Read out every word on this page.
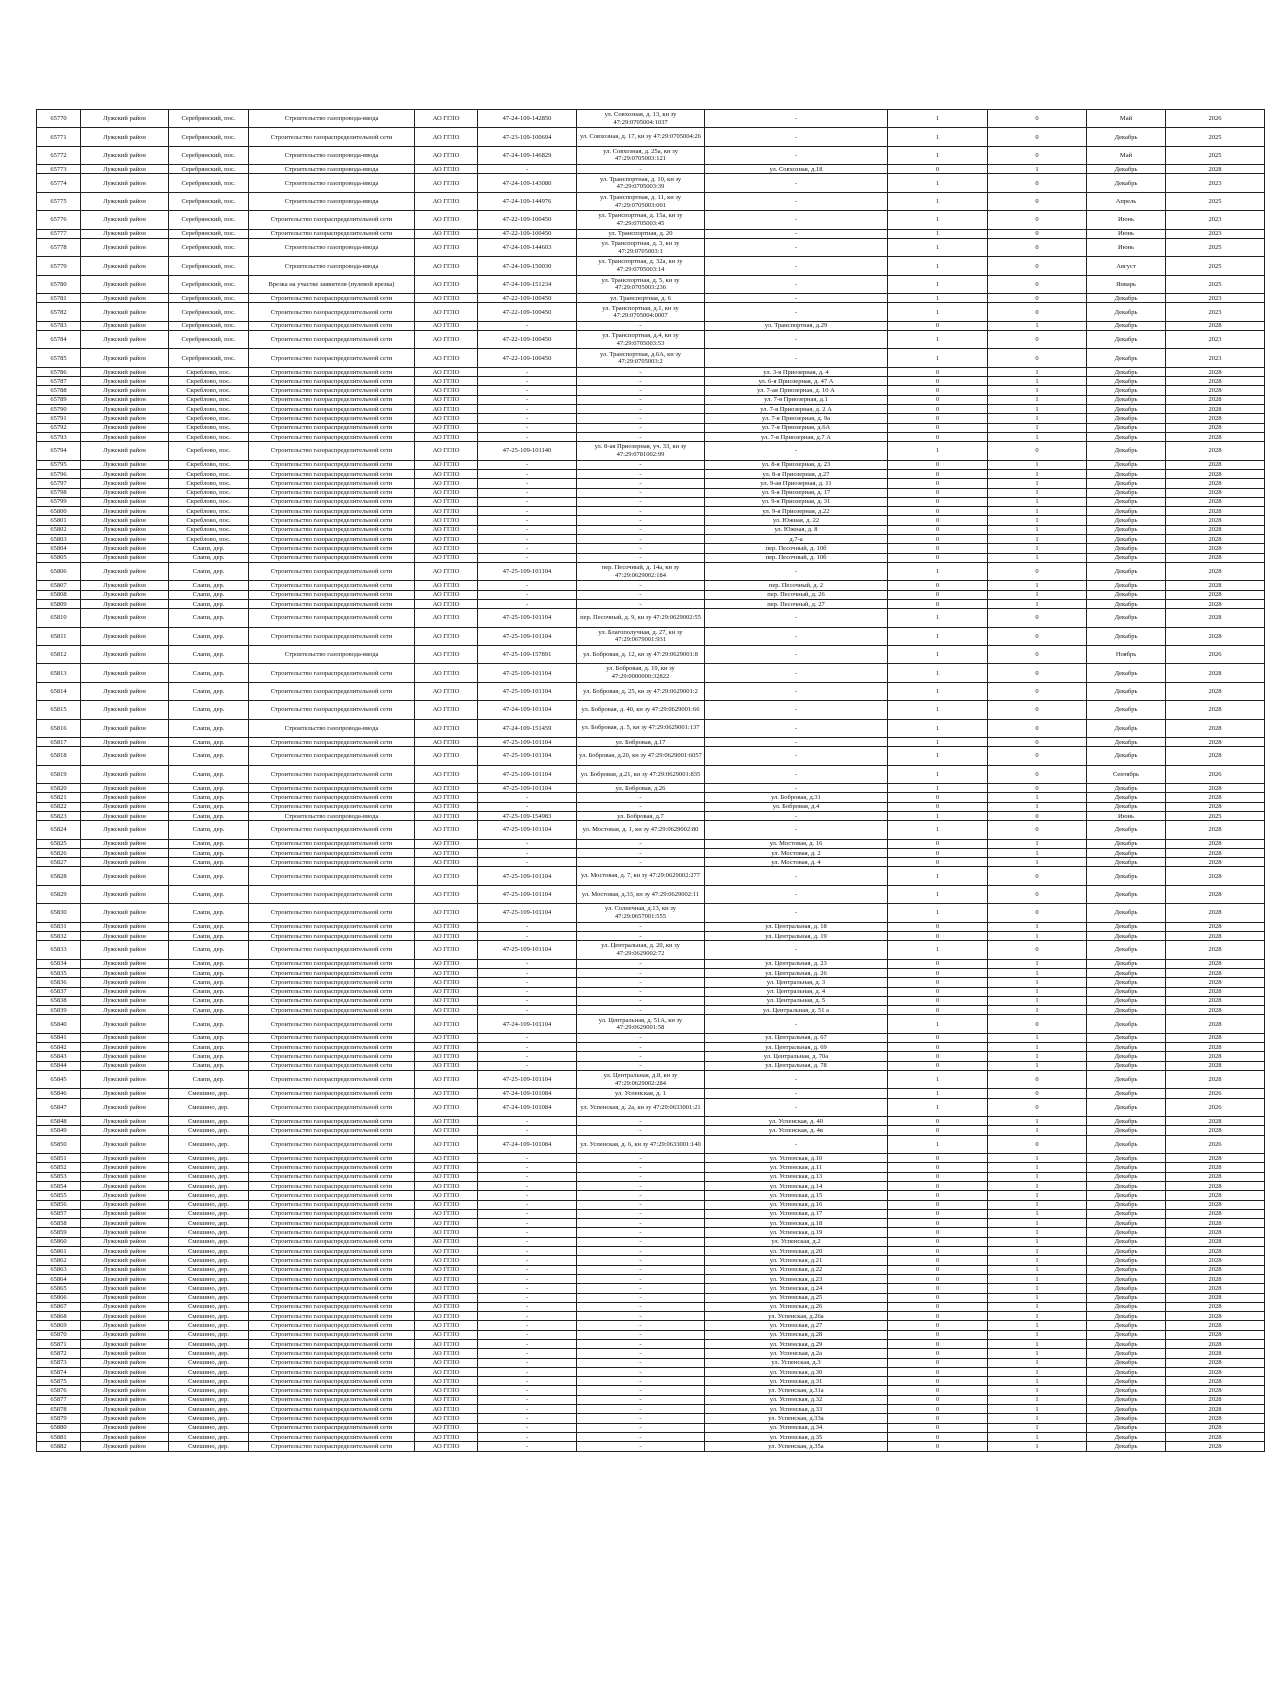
65770	Лужский район	Серебрянский, пос.	Строительство газопровода-ввода	АО ГГЛО	47-24-109-142850	ул. Совхозная, д. 13, кн зу 47:29:0705004:1037	-	1	0	Май	2026
65771	Лужский район	Серебрянский, пос.	Строительство газораспределительной сети	АО ГГЛО	47-23-109-100694	ул. Совхозная, д. 17, кн зу 47:29:0705004:26	-	1	0	Декабрь	2025
65772	Лужский район	Серебрянский, пос.	Строительство газопровода-ввода	АО ГГЛО	47-24-109-146829	ул. Совхозная, д. 25а, кн зу 47:29:0705003:121	-	1	0	Май	2025
65773	Лужский район	Серебрянский, пос.	Строительство газопровода-ввода	АО ГГЛО	-	-	ул. Совхозная, д.18	0	1	Декабрь	2028
65774	Лужский район	Серебрянский, пос.	Строительство газопровода-ввода	АО ГГЛО	47-24-109-143080	ул. Транспортная, д. 10, кн зу 47:29:0705003:39	-	1	0	Декабрь	2023
65775	Лужский район	Серебрянский, пос.	Строительство газопровода-ввода	АО ГГЛО	47-24-109-144976	ул. Транспортная, д. 11, кн зу 47:29:0705003:001	-	1	0	Апрель	2025
65776	Лужский район	Серебрянский, пос.	Строительство газораспределительной сети	АО ГГЛО	47-22-109-100450	ул. Транспортная, д. 15а, кн зу 47:29:0705003:45	-	1	0	Июнь	2023
65777	Лужский район	Серебрянский, пос.	Строительство газораспределительной сети	АО ГГЛО	47-22-109-100450	ул. Транспортная, д. 20	-	1	0	Июнь	2023
65778	Лужский район	Серебрянский, пос.	Строительство газопровода-ввода	АО ГГЛО	47-24-109-144603	ул. Транспортная, д. 3, кн зу 47:29:0705003:1	-	1	0	Июнь	2025
65779	Лужский район	Серебрянский, пос.	Строительство газопровода-ввода	АО ГГЛО	47-24-109-150030	ул. Транспортная, д. 32а, кн зу 47:29:0705003:14	-	1	0	Август	2025
65780	Лужский район	Серебрянский, пос.	Врезка на участке заявителя (нулевой врезка)	АО ГГЛО	47-24-109-151234	ул. Транспортная, д. 5, кн зу 47:29:0705003:236	-	1	0	Январь	2025
65781	Лужский район	Серебрянский, пос.	Строительство газораспределительной сети	АО ГГЛО	47-22-109-100450	ул. Транспортная, д. 6	-	1	0	Декабрь	2023
65782	Лужский район	Серебрянский, пос.	Строительство газораспределительной сети	АО ГГЛО	47-22-109-100450	ул. Транспортная, д.1, кн зу 47:29:0705004:0007	-	1	0	Декабрь	2023
65783	Лужский район	Серебрянский, пос.	Строительство газораспределительной сети	АО ГГЛО	-	-	ул. Транспортная, д.29	0	1	Декабрь	2028
65784	Лужский район	Серебрянский, пос.	Строительство газораспределительной сети	АО ГГЛО	47-22-109-100450	ул. Транспортная, д.4, кн зу 47:29:0705003:53	-	1	0	Декабрь	2023
65785	Лужский район	Серебрянский, пос.	Строительство газораспределительной сети	АО ГГЛО	47-22-109-100450	ул. Транспортная, д.6А, кн зу 47:29:0705003:2	-	1	0	Декабрь	2023
65786	Лужский район	Скреблово, пос.	Строительство газораспределительной сети	АО ГГЛО	-	-	ул. 3-я Приозерная, д. 4	0	1	Декабрь	2028
65787	Лужский район	Скреблово, пос.	Строительство газораспределительной сети	АО ГГЛО	-	-	ул. 6-я Приозерная, д. 47 А	0	1	Декабрь	2028
65788	Лужский район	Скреблово, пос.	Строительство газораспределительной сети	АО ГГЛО	-	-	ул. 7-ая Приозерная, д. 10 А	0	1	Декабрь	2028
65789	Лужский район	Скреблово, пос.	Строительство газораспределительной сети	АО ГГЛО	-	-	ул. 7-я Приозерная, д.1	0	1	Декабрь	2028
65790	Лужский район	Скреблово, пос.	Строительство газораспределительной сети	АО ГГЛО	-	-	ул. 7-я Приозерная, д. 2 А	0	1	Декабрь	2028
65791	Лужский район	Скреблово, пос.	Строительство газораспределительной сети	АО ГГЛО	-	-	ул. 7-я Приозерная, д. 9а	0	1	Декабрь	2028
65792	Лужский район	Скреблово, пос.	Строительство газораспределительной сети	АО ГГЛО	-	-	ул. 7-я Приозерная, д.6А	0	1	Декабрь	2028
65793	Лужский район	Скреблово, пос.	Строительство газораспределительной сети	АО ГГЛО	-	-	ул. 7-я Приозерная, д.7 А	0	1	Декабрь	2028
65794	Лужский район	Скреблово, пос.	Строительство газораспределительной сети	АО ГГЛО	47-25-109-101140	ул. 8-ая Приозерная, уч. 33, кн зу 47:29:0781002:99	-	1	0	Декабрь	2028
65795	Лужский район	Скреблово, пос.	Строительство газораспределительной сети	АО ГГЛО	-	-	ул. 8-я Приозерная, д. 23	0	1	Декабрь	2028
65796	Лужский район	Скреблово, пос.	Строительство газораспределительной сети	АО ГГЛО	-	-	ул. 8-я Приозерная, д.27	0	1	Декабрь	2028
65797	Лужский район	Скреблово, пос.	Строительство газораспределительной сети	АО ГГЛО	-	-	ул. 9-ая Приозерная, д. 11	0	1	Декабрь	2028
65798	Лужский район	Скреблово, пос.	Строительство газораспределительной сети	АО ГГЛО	-	-	ул. 9-я Приозерная, д. 17	0	1	Декабрь	2028
65799	Лужский район	Скреблово, пос.	Строительство газораспределительной сети	АО ГГЛО	-	-	ул. 9-я Приозерная, д. 31	0	1	Декабрь	2028
65800	Лужский район	Скреблово, пос.	Строительство газораспределительной сети	АО ГГЛО	-	-	ул. 9-я Приозерная, д.22	0	1	Декабрь	2028
65801	Лужский район	Скреблово, пос.	Строительство газораспределительной сети	АО ГГЛО	-	-	ул. Южная, д. 22	0	1	Декабрь	2028
65802	Лужский район	Скреблово, пос.	Строительство газораспределительной сети	АО ГГЛО	-	-	ул. Южная, д. 8	0	1	Декабрь	2028
65803	Лужский район	Скреблово, пос.	Строительство газораспределительной сети	АО ГГЛО	-	-	д.7-а	0	1	Декабрь	2028
65804	Лужский район	Слапи, дер.	Строительство газораспределительной сети	АО ГГЛО	-	-	пер. Песочный, д. 10б	0	1	Декабрь	2028
65805	Лужский район	Слапи, дер.	Строительство газораспределительной сети	АО ГГЛО	-	-	пер. Песочный, д. 10б	0	1	Декабрь	2028
65806	Лужский район	Слапи, дер.	Строительство газораспределительной сети	АО ГГЛО	47-25-109-101104	пер. Песочный, д. 14а, кн зу 47:29:0629002:184	-	1	0	Декабрь	2028
65807	Лужский район	Слапи, дер.	Строительство газораспределительной сети	АО ГГЛО	-	-	пер. Песочный, д. 2	0	1	Декабрь	2028
65808	Лужский район	Слапи, дер.	Строительство газораспределительной сети	АО ГГЛО	-	-	пер. Песочный, д. 26	0	1	Декабрь	2028
65809	Лужский район	Слапи, дер.	Строительство газораспределительной сети	АО ГГЛО	-	-	пер. Песочный, д. 27	0	1	Декабрь	2028
65810	Лужский район	Слапи, дер.	Строительство газораспределительной сети	АО ГГЛО	47-25-109-101104	пер. Песочный, д. 9, кн зу 47:29:0629002:55	-	1	0	Декабрь	2028
65811	Лужский район	Слапи, дер.	Строительство газораспределительной сети	АО ГГЛО	47-25-109-101104	ул. Благополучная, д. 27, кн зу 47:29:0679001:931	-	1	0	Декабрь	2028
65812	Лужский район	Слапи, дер.	Строительство газопровода-ввода	АО ГГЛО	47-25-109-157891	ул. Бобровая, д. 12, кн зу 47:29:0629001:8	-	1	0	Ноябрь	2026
65813	Лужский район	Слапи, дер.	Строительство газораспределительной сети	АО ГГЛО	47-25-109-101104	ул. Бобровая, д. 19, кн зу 47:29:0000000:32822	-	1	0	Декабрь	2028
65814	Лужский район	Слапи, дер.	Строительство газораспределительной сети	АО ГГЛО	47-25-109-101104	ул. Бобровая, д. 25, кн зу 47:29:0629001:2	-	1	0	Декабрь	2028
65815	Лужский район	Слапи, дер.	Строительство газораспределительной сети	АО ГГЛО	47-24-109-101104	ул. Бобровая, д. 40, кн зу 47:29:0629001:66	-	1	0	Декабрь	2028
65816	Лужский район	Слапи, дер.	Строительство газопровода-ввода	АО ГГЛО	47-24-109-151459	ул. Бобровая, д. 5, кн зу 47:29:0629001:137	-	1	0	Декабрь	2028
65817	Лужский район	Слапи, дер.	Строительство газораспределительной сети	АО ГГЛО	47-25-109-101104	ул. Бобровая, д.17	-	1	0	Декабрь	2028
65818	Лужский район	Слапи, дер.	Строительство газораспределительной сети	АО ГГЛО	47-25-109-101104	ул. Бобровая, д.20, кн зу 47:29:0629001:6057	-	1	0	Декабрь	2028
65819	Лужский район	Слапи, дер.	Строительство газораспределительной сети	АО ГГЛО	47-25-109-101104	ул. Бобровая, д.21, кн зу 47:29:0629001:835	-	1	0	Сентябрь	2026
65820	Лужский район	Слапи, дер.	Строительство газораспределительной сети	АО ГГЛО	47-25-109-101104	ул. Бобровая, д.26	-	1	0	Декабрь	2028
65821	Лужский район	Слапи, дер.	Строительство газораспределительной сети	АО ГГЛО	-	-	ул. Бобровая, д.31	0	1	Декабрь	2028
65822	Лужский район	Слапи, дер.	Строительство газораспределительной сети	АО ГГЛО	-	-	ул. Бобровая, д.4	0	1	Декабрь	2028
65823	Лужский район	Слапи, дер.	Строительство газопровода-ввода	АО ГГЛО	47-25-109-154983	ул. Бобровая, д.7	-	1	0	Июнь	2025
65824	Лужский район	Слапи, дер.	Строительство газораспределительной сети	АО ГГЛО	47-25-109-101104	ул. Мостовая, д. 1, кн зу 47:29:0629002:80	-	1	0	Декабрь	2028
65825	Лужский район	Слапи, дер.	Строительство газораспределительной сети	АО ГГЛО	-	-	ул. Мостовая, д. 16	0	1	Декабрь	2028
65826	Лужский район	Слапи, дер.	Строительство газораспределительной сети	АО ГГЛО	-	-	ул. Мостовая, д. 2	0	1	Декабрь	2028
65827	Лужский район	Слапи, дер.	Строительство газораспределительной сети	АО ГГЛО	-	-	ул. Мостовая, д. 4	0	1	Декабрь	2028
65828	Лужский район	Слапи, дер.	Строительство газораспределительной сети	АО ГГЛО	47-25-109-101104	ул. Мостовая, д. 7, кн зу 47:29:0629002:277	-	1	0	Декабрь	2028
65829	Лужский район	Слапи, дер.	Строительство газораспределительной сети	АО ГГЛО	47-25-109-101104	ул. Мостовая, д.33, кн зу 47:29:0629002:11	-	1	0	Декабрь	2028
65830	Лужский район	Слапи, дер.	Строительство газораспределительной сети	АО ГГЛО	47-25-109-101104	ул. Солнечная, д.13, кн зу 47:29:0657001:555	-	1	0	Декабрь	2028
65831	Лужский район	Слапи, дер.	Строительство газораспределительной сети	АО ГГЛО	-	-	ул. Центральная, д. 18	0	1	Декабрь	2028
65832	Лужский район	Слапи, дер.	Строительство газораспределительной сети	АО ГГЛО	-	-	ул. Центральная, д. 19	0	1	Декабрь	2028
65833	Лужский район	Слапи, дер.	Строительство газораспределительной сети	АО ГГЛО	47-25-109-101104	ул. Центральная, д. 20, кн зу 47:29:0629002:72	-	1	0	Декабрь	2028
65834	Лужский район	Слапи, дер.	Строительство газораспределительной сети	АО ГГЛО	-	-	ул. Центральная, д. 23	0	1	Декабрь	2028
65835	Лужский район	Слапи, дер.	Строительство газораспределительной сети	АО ГГЛО	-	-	ул. Центральная, д. 26	0	1	Декабрь	2028
65836	Лужский район	Слапи, дер.	Строительство газораспределительной сети	АО ГГЛО	-	-	ул. Центральная, д. 3	0	1	Декабрь	2028
65837	Лужский район	Слапи, дер.	Строительство газораспределительной сети	АО ГГЛО	-	-	ул. Центральная, д. 4	0	1	Декабрь	2028
65838	Лужский район	Слапи, дер.	Строительство газораспределительной сети	АО ГГЛО	-	-	ул. Центральная, д. 5	0	1	Декабрь	2028
65839	Лужский район	Слапи, дер.	Строительство газораспределительной сети	АО ГГЛО	-	-	ул. Центральная, д. 51 а	0	1	Декабрь	2028
65840	Лужский район	Слапи, дер.	Строительство газораспределительной сети	АО ГГЛО	47-24-109-101104	ул. Центральная, д. 51А, кн зу 47:29:0629001:58	-	1	0	Декабрь	2028
65841	Лужский район	Слапи, дер.	Строительство газораспределительной сети	АО ГГЛО	-	-	ул. Центральная, д. 67	0	1	Декабрь	2028
65842	Лужский район	Слапи, дер.	Строительство газораспределительной сети	АО ГГЛО	-	-	ул. Центральная, д. 69	0	1	Декабрь	2028
65843	Лужский район	Слапи, дер.	Строительство газораспределительной сети	АО ГГЛО	-	-	ул. Центральная, д. 70а	0	1	Декабрь	2028
65844	Лужский район	Слапи, дер.	Строительство газораспределительной сети	АО ГГЛО	-	-	ул. Центральная, д. 78	0	1	Декабрь	2028
65845	Лужский район	Слапи, дер.	Строительство газораспределительной сети	АО ГГЛО	47-25-109-101104	ул. Центральная, д.8, кн зу 47:29:0629002:284	-	1	0	Декабрь	2028
65846	Лужский район	Смешино, дер.	Строительство газораспределительной сети	АО ГГЛО	47-24-109-101084	ул. Успенская, д. 1	-	1	0	Декабрь	2026
65847	Лужский район	Смешино, дер.	Строительство газораспределительной сети	АО ГГЛО	47-24-109-101084	ул. Успенская, д. 2а, кн зу 47:29:0633001:21	-	1	0	Декабрь	2026
65848	Лужский район	Смешино, дер.	Строительство газораспределительной сети	АО ГГЛО	-	-	ул. Успенская, д. 40	0	1	Декабрь	2028
65849	Лужский район	Смешино, дер.	Строительство газораспределительной сети	АО ГГЛО	-	-	ул. Успенская, д. 4в	0	1	Декабрь	2028
65850	Лужский район	Смешино, дер.	Строительство газораспределительной сети	АО ГГЛО	47-24-109-101084	ул. Успенская, д. 6, кн зу 47:29:0633001:140	-	1	0	Декабрь	2026
65851	Лужский район	Смешино, дер.	Строительство газораспределительной сети	АО ГГЛО	-	-	ул. Успенская, д.10	0	1	Декабрь	2028
65852	Лужский район	Смешино, дер.	Строительство газораспределительной сети	АО ГГЛО	-	-	ул. Успенская, д.11	0	1	Декабрь	2028
65853	Лужский район	Смешино, дер.	Строительство газораспределительной сети	АО ГГЛО	-	-	ул. Успенская, д.13	0	1	Декабрь	2028
65854	Лужский район	Смешино, дер.	Строительство газораспределительной сети	АО ГГЛО	-	-	ул. Успенская, д.14	0	1	Декабрь	2028
65855	Лужский район	Смешино, дер.	Строительство газораспределительной сети	АО ГГЛО	-	-	ул. Успенская, д.15	0	1	Декабрь	2028
65856	Лужский район	Смешино, дер.	Строительство газораспределительной сети	АО ГГЛО	-	-	ул. Успенская, д.16	0	1	Декабрь	2028
65857	Лужский район	Смешино, дер.	Строительство газораспределительной сети	АО ГГЛО	-	-	ул. Успенская, д.17	0	1	Декабрь	2028
65858	Лужский район	Смешино, дер.	Строительство газораспределительной сети	АО ГГЛО	-	-	ул. Успенская, д.18	0	1	Декабрь	2028
65859	Лужский район	Смешино, дер.	Строительство газораспределительной сети	АО ГГЛО	-	-	ул. Успенская, д.19	0	1	Декабрь	2028
65860	Лужский район	Смешино, дер.	Строительство газораспределительной сети	АО ГГЛО	-	-	ул. Успенская, д.2	0	1	Декабрь	2028
65861	Лужский район	Смешино, дер.	Строительство газораспределительной сети	АО ГГЛО	-	-	ул. Успенская, д.20	0	1	Декабрь	2028
65862	Лужский район	Смешино, дер.	Строительство газораспределительной сети	АО ГГЛО	-	-	ул. Успенская, д.21	0	1	Декабрь	2028
65863	Лужский район	Смешино, дер.	Строительство газораспределительной сети	АО ГГЛО	-	-	ул. Успенская, д.22	0	1	Декабрь	2028
65864	Лужский район	Смешино, дер.	Строительство газораспределительной сети	АО ГГЛО	-	-	ул. Успенская, д.23	0	1	Декабрь	2028
65865	Лужский район	Смешино, дер.	Строительство газораспределительной сети	АО ГГЛО	-	-	ул. Успенская, д.24	0	1	Декабрь	2028
65866	Лужский район	Смешино, дер.	Строительство газораспределительной сети	АО ГГЛО	-	-	ул. Успенская, д.25	0	1	Декабрь	2028
65867	Лужский район	Смешино, дер.	Строительство газораспределительной сети	АО ГГЛО	-	-	ул. Успенская, д.26	0	1	Декабрь	2028
65868	Лужский район	Смешино, дер.	Строительство газораспределительной сети	АО ГГЛО	-	-	ул. Успенская, д.26а	0	1	Декабрь	2028
65869	Лужский район	Смешино, дер.	Строительство газораспределительной сети	АО ГГЛО	-	-	ул. Успенская, д.27	0	1	Декабрь	2028
65870	Лужский район	Смешино, дер.	Строительство газораспределительной сети	АО ГГЛО	-	-	ул. Успенская, д.28	0	1	Декабрь	2028
65871	Лужский район	Смешино, дер.	Строительство газораспределительной сети	АО ГГЛО	-	-	ул. Успенская, д.29	0	1	Декабрь	2028
65872	Лужский район	Смешино, дер.	Строительство газораспределительной сети	АО ГГЛО	-	-	ул. Успенская, д.2а	0	1	Декабрь	2028
65873	Лужский район	Смешино, дер.	Строительство газораспределительной сети	АО ГГЛО	-	-	ул. Успенская, д.3	0	1	Декабрь	2028
65874	Лужский район	Смешино, дер.	Строительство газораспределительной сети	АО ГГЛО	-	-	ул. Успенская, д.30	0	1	Декабрь	2028
65875	Лужский район	Смешино, дер.	Строительство газораспределительной сети	АО ГГЛО	-	-	ул. Успенская, д.31	0	1	Декабрь	2028
65876	Лужский район	Смешино, дер.	Строительство газораспределительной сети	АО ГГЛО	-	-	ул. Успенская, д.31а	0	1	Декабрь	2028
65877	Лужский район	Смешино, дер.	Строительство газораспределительной сети	АО ГГЛО	-	-	ул. Успенская, д.32	0	1	Декабрь	2028
65878	Лужский район	Смешино, дер.	Строительство газораспределительной сети	АО ГГЛО	-	-	ул. Успенская, д.33	0	1	Декабрь	2028
65879	Лужский район	Смешино, дер.	Строительство газораспределительной сети	АО ГГЛО	-	-	ул. Успенская, д.33а	0	1	Декабрь	2028
65880	Лужский район	Смешино, дер.	Строительство газораспределительной сети	АО ГГЛО	-	-	ул. Успенская, д.34	0	1	Декабрь	2028
65881	Лужский район	Смешино, дер.	Строительство газораспределительной сети	АО ГГЛО	-	-	ул. Успенская, д.35	0	1	Декабрь	2028
65882	Лужский район	Смешино, дер.	Строительство газораспределительной сети	АО ГГЛО	-	-	ул. Успенская, д.35а	0	1	Декабрь	2028
